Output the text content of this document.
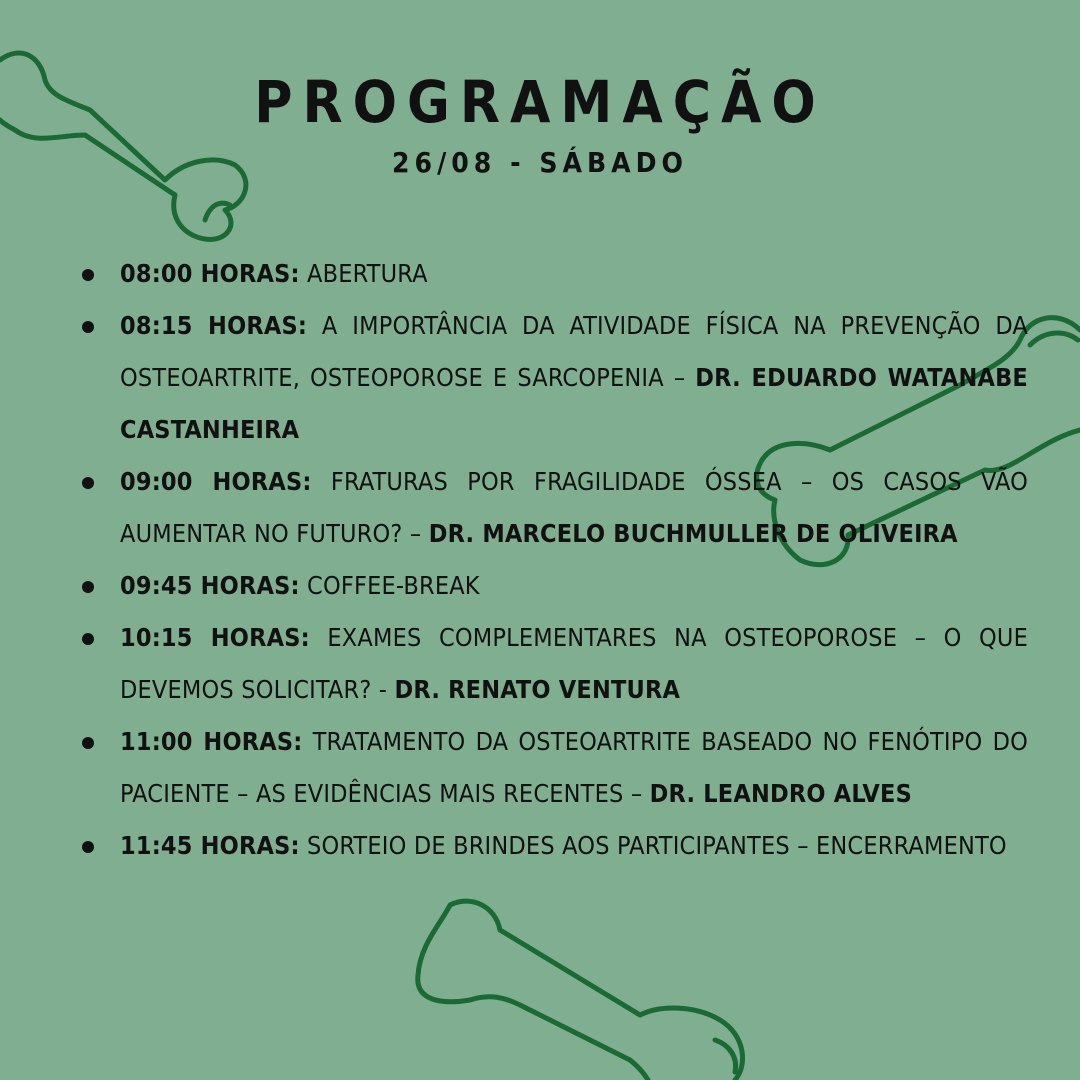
PROGRAMAÇÃO
26/08 - SÁBADO
08:00 HORAS: ABERTURA
08:15 HORAS: A IMPORTÂNCIA DA ATIVIDADE FÍSICA NA PREVENÇÃO DA OSTEOARTRITE, OSTEOPOROSE E SARCOPENIA – DR. EDUARDO WATANABE CASTANHEIRA
09:00 HORAS: FRATURAS POR FRAGILIDADE ÓSSEA – OS CASOS VÃO AUMENTAR NO FUTURO? – DR. MARCELO BUCHMULLER DE OLIVEIRA
09:45 HORAS: COFFEE-BREAK
10:15 HORAS: EXAMES COMPLEMENTARES NA OSTEOPOROSE – O QUE DEVEMOS SOLICITAR? - DR. RENATO VENTURA
11:00 HORAS: TRATAMENTO DA OSTEOARTRITE BASEADO NO FENÓTIPO DO PACIENTE – AS EVIDÊNCIAS MAIS RECENTES – DR. LEANDRO ALVES
11:45 HORAS: SORTEIO DE BRINDES AOS PARTICIPANTES – ENCERRAMENTO
